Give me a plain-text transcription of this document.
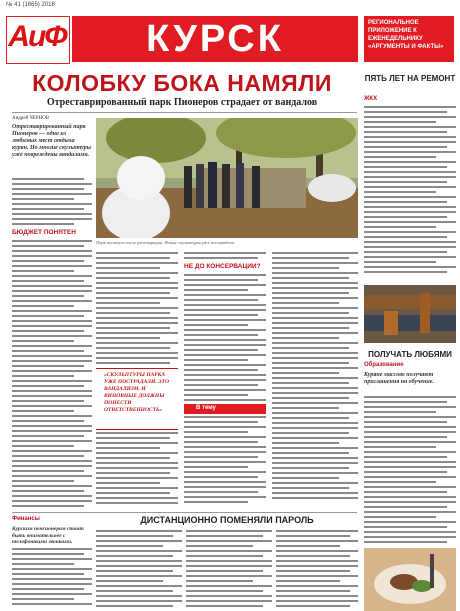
№ 41 (1665) 2018
АиФ	КУРСК	РЕГИОНАЛЬНОЕ ПРИЛОЖЕНИЕ К ЕЖЕНЕДЕЛЬНИКУ «АРГУМЕНТЫ И ФАКТЫ»
КОЛОБКУ БОКА НАМЯЛИ
Отреставрированный парк Пионеров страдает от вандалов
Андрей ЧЕРНОВ
Отреставрированный парк Пионеров — одно из любимых мест отдыха курян. Но многие скульптуры уже повреждены вандалами.
Парк пионеров после реставрации. Новые скульптуры уже пострадали.
БЮДЖЕТ ПОНЯТЕН
«СКУЛЬПТУРЫ ПАРКА УЖЕ ПОСТРАДАЛИ. ЭТО ВАНДАЛИЗМ, И ВИНОВНЫЕ ДОЛЖНЫ ПОНЕСТИ ОТВЕТСТВЕННОСТЬ»
НЕ ДО КОНСЕРВАЦИИ?
В тему
ПЯТЬ ЛЕТ НА РЕМОНТ
ЖКХ
ПОЛУЧАТЬ ЛЮБЯМИ
Образование
Куряне массово получают приглашения на обучение.
Финансы	ДИСТАНЦИОННО ПОМЕНЯЛИ ПАРОЛЬ
Курским пенсионерам стоит быть внимательнее с телефонными звонками.
